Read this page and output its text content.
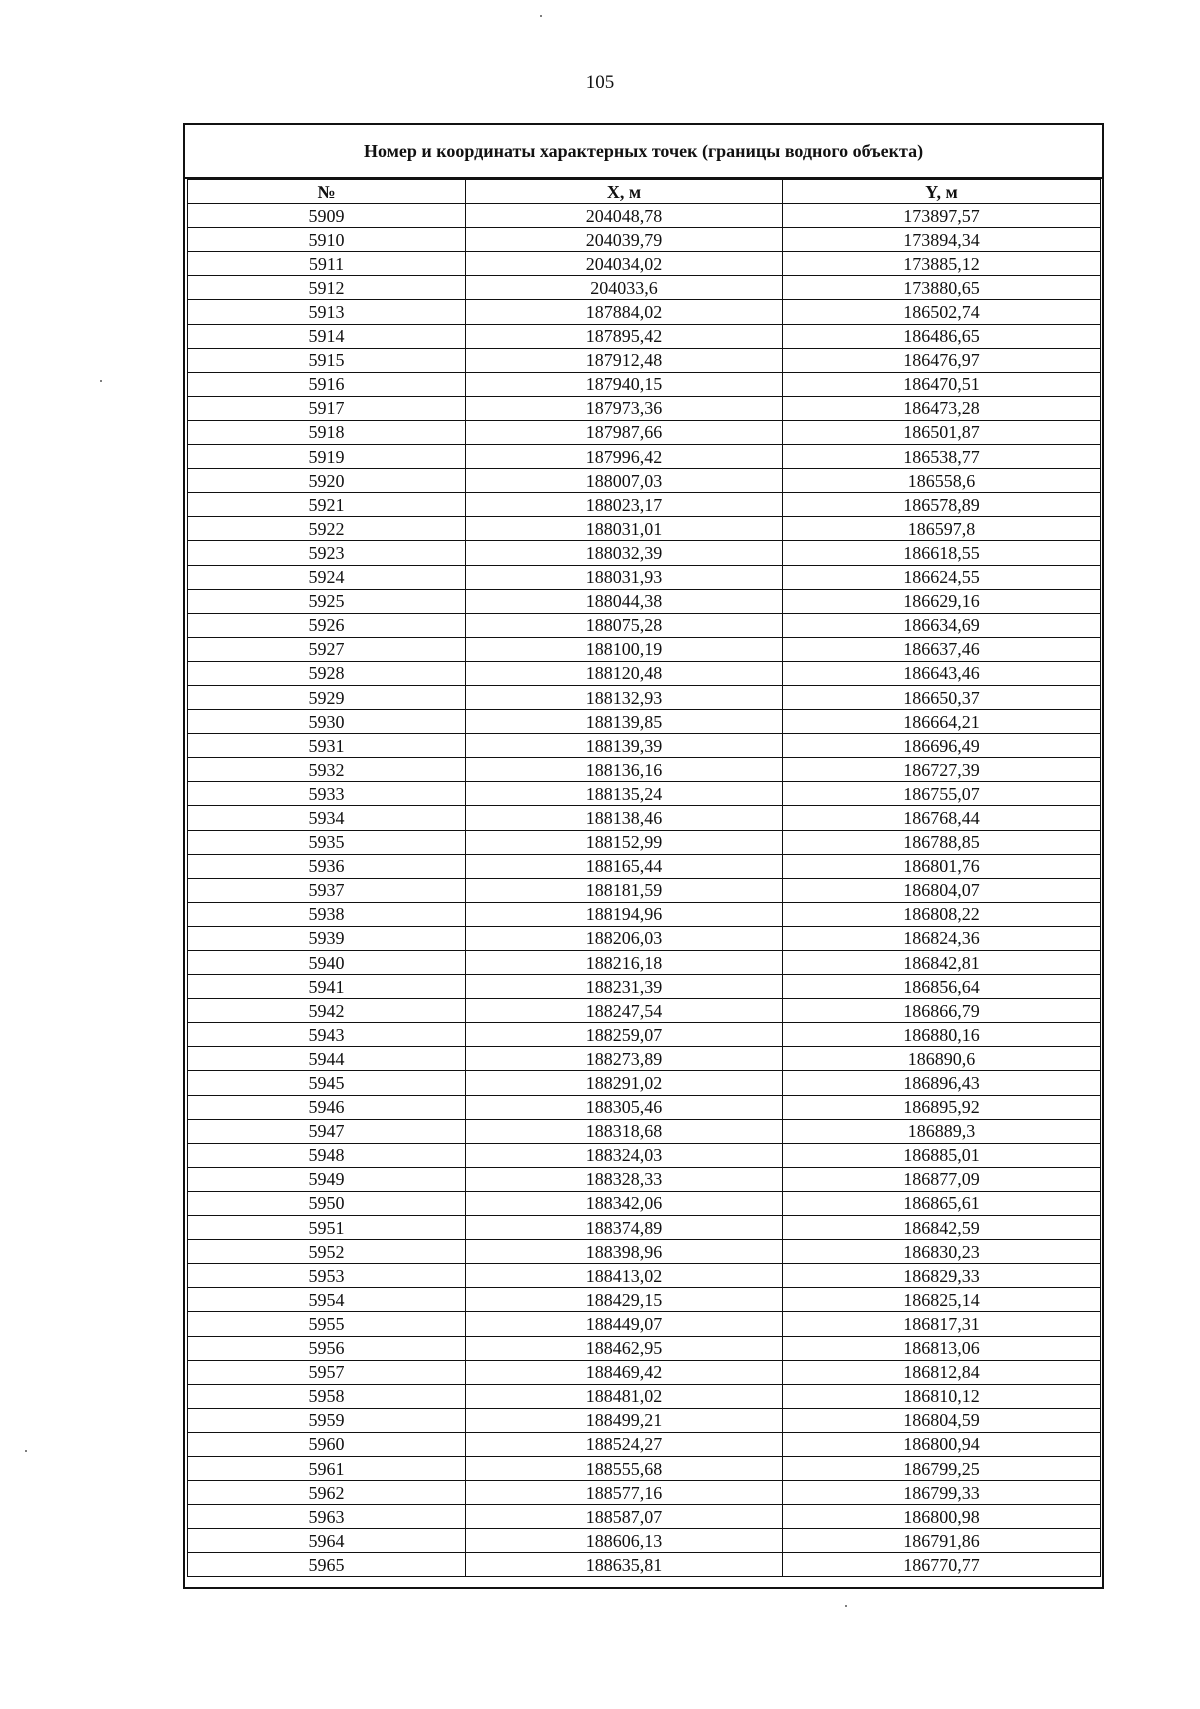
105
Номер и координаты характерных точек (границы водного объекта)
№	X, м	Y, м
5909	204048,78	173897,57
5910	204039,79	173894,34
5911	204034,02	173885,12
5912	204033,6	173880,65
5913	187884,02	186502,74
5914	187895,42	186486,65
5915	187912,48	186476,97
5916	187940,15	186470,51
5917	187973,36	186473,28
5918	187987,66	186501,87
5919	187996,42	186538,77
5920	188007,03	186558,6
5921	188023,17	186578,89
5922	188031,01	186597,8
5923	188032,39	186618,55
5924	188031,93	186624,55
5925	188044,38	186629,16
5926	188075,28	186634,69
5927	188100,19	186637,46
5928	188120,48	186643,46
5929	188132,93	186650,37
5930	188139,85	186664,21
5931	188139,39	186696,49
5932	188136,16	186727,39
5933	188135,24	186755,07
5934	188138,46	186768,44
5935	188152,99	186788,85
5936	188165,44	186801,76
5937	188181,59	186804,07
5938	188194,96	186808,22
5939	188206,03	186824,36
5940	188216,18	186842,81
5941	188231,39	186856,64
5942	188247,54	186866,79
5943	188259,07	186880,16
5944	188273,89	186890,6
5945	188291,02	186896,43
5946	188305,46	186895,92
5947	188318,68	186889,3
5948	188324,03	186885,01
5949	188328,33	186877,09
5950	188342,06	186865,61
5951	188374,89	186842,59
5952	188398,96	186830,23
5953	188413,02	186829,33
5954	188429,15	186825,14
5955	188449,07	186817,31
5956	188462,95	186813,06
5957	188469,42	186812,84
5958	188481,02	186810,12
5959	188499,21	186804,59
5960	188524,27	186800,94
5961	188555,68	186799,25
5962	188577,16	186799,33
5963	188587,07	186800,98
5964	188606,13	186791,86
5965	188635,81	186770,77
